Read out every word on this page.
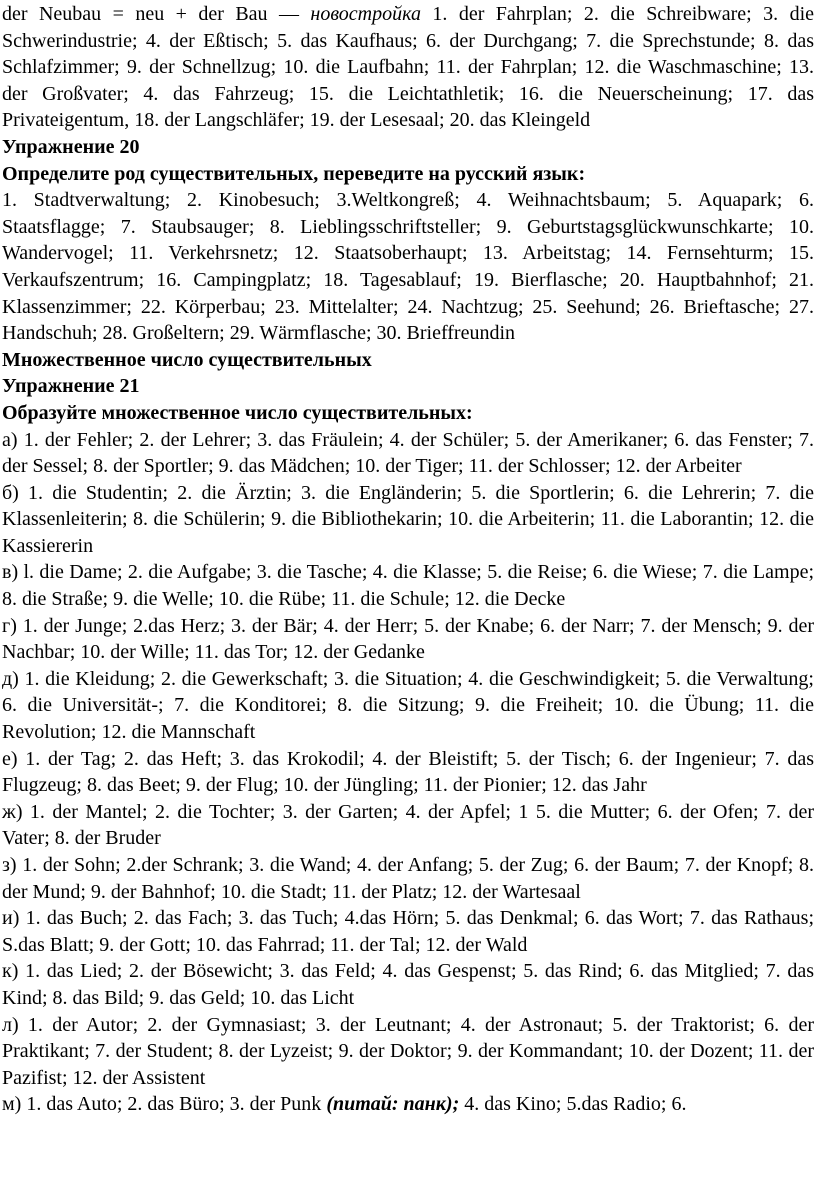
der Neubau = neu + der Bau — новостройка 1. der Fahrplan; 2. die Schreibware; 3. die Schwerindustrie; 4. der Eßtisch; 5. das Kaufhaus; 6. der Durchgang; 7. die Sprechstunde; 8. das Schlafzimmer; 9. der Schnellzug; 10. die Laufbahn; 11. der Fahrplan; 12. die Waschmaschine; 13. der Großvater; 4. das Fahrzeug; 15. die Leichtathletik; 16. die Neuerscheinung; 17. das Privateigentum, 18. der Langschläfer; 19. der Lesesaal; 20. das Kleingeld

Упражнение 20

Определите род существительных, переведите на русский язык:

1. Stadtverwaltung; 2. Kinobesuch; 3.Weltkongreß; 4. Weihnachtsbaum; 5. Aquapark; 6. Staatsflagge; 7. Staubsauger; 8. Lieblingsschriftsteller; 9. Geburtstagsglückwunschkarte; 10. Wandervogel; 11. Verkehrsnetz; 12. Staatsoberhaupt; 13. Arbeitstag; 14. Fernsehturm; 15. Verkaufszentrum; 16. Campingplatz; 18. Tagesablauf; 19. Bierflasche; 20. Hauptbahnhof; 21. Klassenzimmer; 22. Körperbau; 23. Mittelalter; 24. Nachtzug; 25. Seehund; 26. Brieftasche; 27. Handschuh; 28. Großeltern; 29. Wärmflasche; 30. Brieffreundin

Множественное число существительных

Упражнение 21

Образуйте множественное число существительных:

а) 1. der Fehler; 2. der Lehrer; 3. das Fräulein; 4. der Schüler; 5. der Amerikaner; 6. das Fenster; 7. der Sessel; 8. der Sportler; 9. das Mädchen; 10. der Tiger; 11. der Schlosser; 12. der Arbeiter

б) 1. die Studentin; 2. die Ärztin; 3. die Engländerin; 5. die Sportlerin; 6. die Lehrerin; 7. die Klassenleiterin; 8. die Schülerin; 9. die Bibliothekarin; 10. die Arbeiterin; 11. die Laborantin; 12. die Kassiererin

в) l. die Dame; 2. die Aufgabe; 3. die Tasche; 4. die Klasse; 5. die Reise; 6. die Wiese; 7. die Lampe; 8. die Straße; 9. die Welle; 10. die Rübe; 11. die Schule; 12. die Decke

г) 1. der Junge; 2.das Herz; 3. der Bär; 4. der Herr; 5. der Knabe; 6. der Narr; 7. der Mensch; 9. der Nachbar; 10. der Wille; 11. das Tor; 12. der Gedanke

д) 1. die Kleidung; 2. die Gewerkschaft; 3. die Situation; 4. die Geschwindigkeit; 5. die Verwaltung; 6. die Universität-; 7. die Konditorei; 8. die Sitzung; 9. die Freiheit; 10. die Übung; 11. die Revolution; 12. die Mannschaft

е) 1. der Tag; 2. das Heft; 3. das Krokodil; 4. der Bleistift; 5. der Tisch; 6. der Ingenieur; 7. das Flugzeug; 8. das Beet; 9. der Flug; 10. der Jüngling; 11. der Pionier; 12. das Jahr

ж) 1. der Mantel; 2. die Tochter; 3. der Garten; 4. der Apfel; 1 5. die Mutter; 6. der Ofen; 7. der Vater; 8. der Bruder

з) 1. der Sohn; 2.der Schrank; 3. die Wand; 4. der Anfang; 5. der Zug; 6. der Baum; 7. der Knopf; 8. der Mund; 9. der Bahnhof; 10. die Stadt; 11. der Platz; 12. der Wartesaal

и) 1. das Buch; 2. das Fach; 3. das Tuch; 4.das Hörn; 5. das Denkmal; 6. das Wort; 7. das Rathaus; S.das Blatt; 9. der Gott; 10. das Fahrrad; 11. der Tal; 12. der Wald

к) 1. das Lied; 2. der Bösewicht; 3. das Feld; 4. das Gespenst; 5. das Rind; 6. das Mitglied; 7. das Kind; 8. das Bild; 9. das Geld; 10. das Licht

л) 1. der Autor; 2. der Gymnasiast; 3. der Leutnant; 4. der Astronaut; 5. der Traktorist; 6. der Praktikant; 7. der Student; 8. der Lyzeist; 9. der Doktor; 9. der Kommandant; 10. der Dozent; 11. der Pazifist; 12. der Assistent

м) 1. das Auto; 2. das Büro; 3. der Punk (питай: панк); 4. das Kino; 5.das Radio; 6.
